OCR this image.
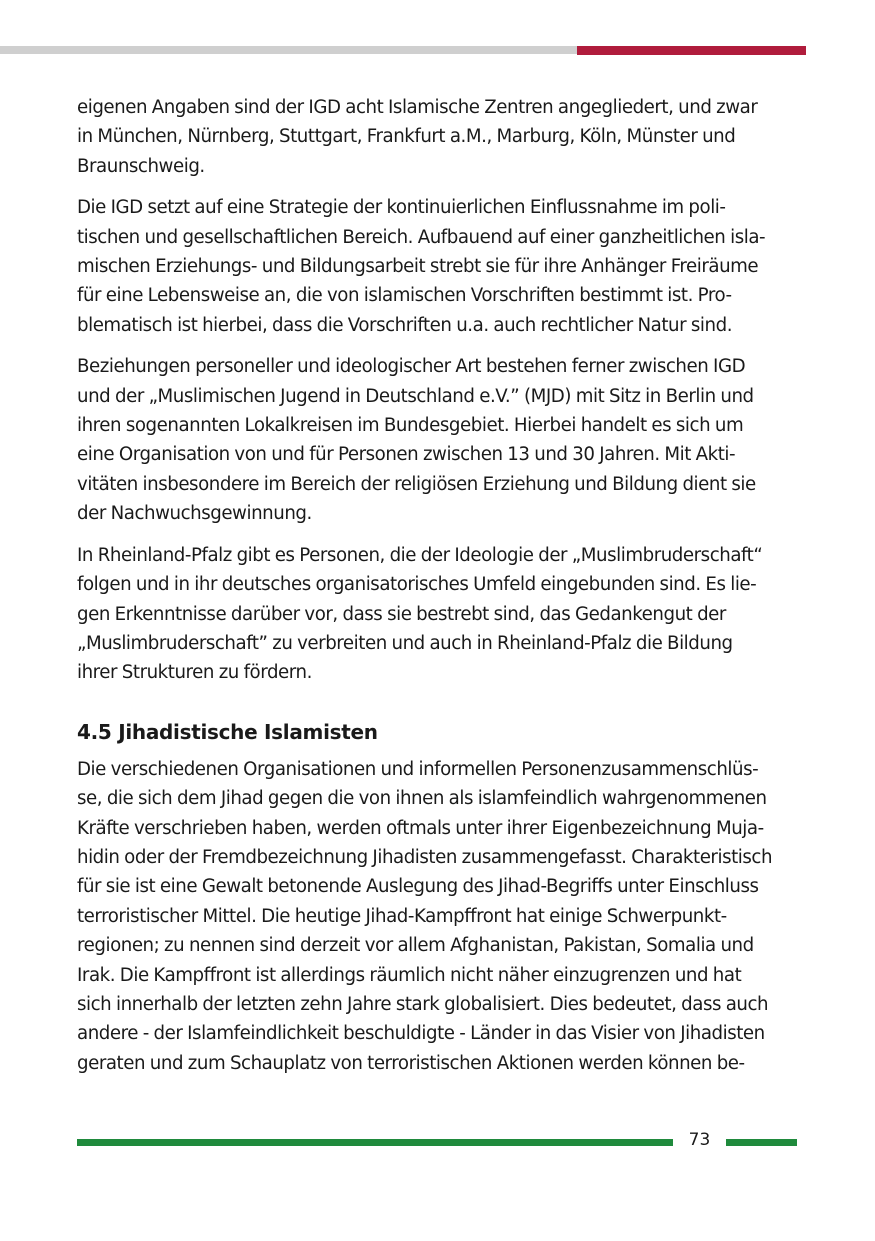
eigenen Angaben sind der IGD acht Islamische Zentren angegliedert, und zwar
in München, Nürnberg, Stuttgart, Frankfurt a.M., Marburg, Köln, Münster und
Braunschweig.

Die IGD setzt auf eine Strategie der kontinuierlichen Einflussnahme im poli-
tischen und gesellschaftlichen Bereich. Aufbauend auf einer ganzheitlichen isla-
mischen Erziehungs- und Bildungsarbeit strebt sie für ihre Anhänger Freiräume
für eine Lebensweise an, die von islamischen Vorschriften bestimmt ist. Pro-
blematisch ist hierbei, dass die Vorschriften u.a. auch rechtlicher Natur sind.

Beziehungen personeller und ideologischer Art bestehen ferner zwischen IGD
und der „Muslimischen Jugend in Deutschland e.V.” (MJD) mit Sitz in Berlin und
ihren sogenannten Lokalkreisen im Bundesgebiet. Hierbei handelt es sich um
eine Organisation von und für Personen zwischen 13 und 30 Jahren. Mit Akti-
vitäten insbesondere im Bereich der religiösen Erziehung und Bildung dient sie
der Nachwuchsgewinnung.

In Rheinland-Pfalz gibt es Personen, die der Ideologie der „Muslimbruderschaft“
folgen und in ihr deutsches organisatorisches Umfeld eingebunden sind. Es lie-
gen Erkenntnisse darüber vor, dass sie bestrebt sind, das Gedankengut der
„Muslimbruderschaft” zu verbreiten und auch in Rheinland-Pfalz die Bildung
ihrer Strukturen zu fördern.

4.5 Jihadistische Islamisten

Die verschiedenen Organisationen und informellen Personenzusammenschlüs-
se, die sich dem Jihad gegen die von ihnen als islamfeindlich wahrgenommenen
Kräfte verschrieben haben, werden oftmals unter ihrer Eigenbezeichnung Muja-
hidin oder der Fremdbezeichnung Jihadisten zusammengefasst. Charakteristisch
für sie ist eine Gewalt betonende Auslegung des Jihad-Begriffs unter Einschluss
terroristischer Mittel. Die heutige Jihad-Kampffront hat einige Schwerpunkt-
regionen; zu nennen sind derzeit vor allem Afghanistan, Pakistan, Somalia und
Irak. Die Kampffront ist allerdings räumlich nicht näher einzugrenzen und hat
sich innerhalb der letzten zehn Jahre stark globalisiert. Dies bedeutet, dass auch
andere - der Islamfeindlichkeit beschuldigte - Länder in das Visier von Jihadisten
geraten und zum Schauplatz von terroristischen Aktionen werden können be-

73
